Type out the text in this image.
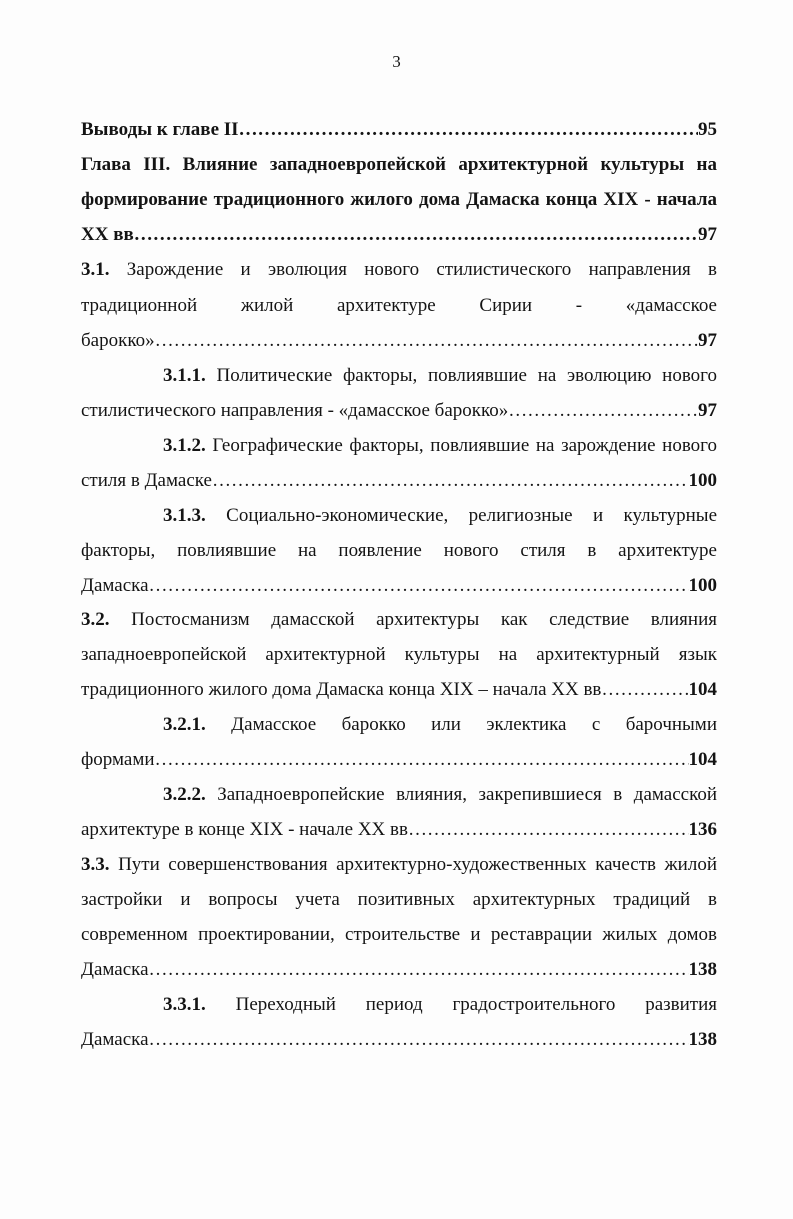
3
Выводы к главе II ……………………………………………………………………………………………………………………………………………	95
Глава III. Влияние западноевропейской архитектурной культуры на
формирование традиционного жилого дома Дамаска конца XIX - начала
XX вв ……………………………………………………………………………………………………………………………………………	97
3.1. Зарождение и эволюция нового стилистического направления в
традиционной жилой архитектуре Сирии - «дамасское
барокко» ……………………………………………………………………………………………………………………………………………	97
3.1.1. Политические факторы, повлиявшие на эволюцию нового
стилистического направления - «дамасское барокко» ……………………………………………………………………………………………………………………………………………	97
3.1.2. Географические факторы, повлиявшие на зарождение нового
стиля в Дамаске ……………………………………………………………………………………………………………………………………………	100
3.1.3. Социально-экономические, религиозные и культурные
факторы, повлиявшие на появление нового стиля в архитектуре
Дамаска ……………………………………………………………………………………………………………………………………………	100
3.2. Постосманизм дамасской архитектуры как следствие влияния
западноевропейской архитектурной культуры на архитектурный язык
традиционного жилого дома Дамаска конца XIX – начала XX вв ……………………………………………………………………………………………………………………………………………	104
3.2.1. Дамасское барокко или эклектика с барочными
формами ……………………………………………………………………………………………………………………………………………	104
3.2.2. Западноевропейские влияния, закрепившиеся в дамасской
архитектуре в конце XIX - начале XX вв ……………………………………………………………………………………………………………………………………………	136
3.3. Пути совершенствования архитектурно-художественных качеств жилой
застройки и вопросы учета позитивных архитектурных традиций в
современном проектировании, строительстве и реставрации жилых домов
Дамаска ……………………………………………………………………………………………………………………………………………	138
3.3.1. Переходный период градостроительного развития
Дамаска ……………………………………………………………………………………………………………………………………………	138
